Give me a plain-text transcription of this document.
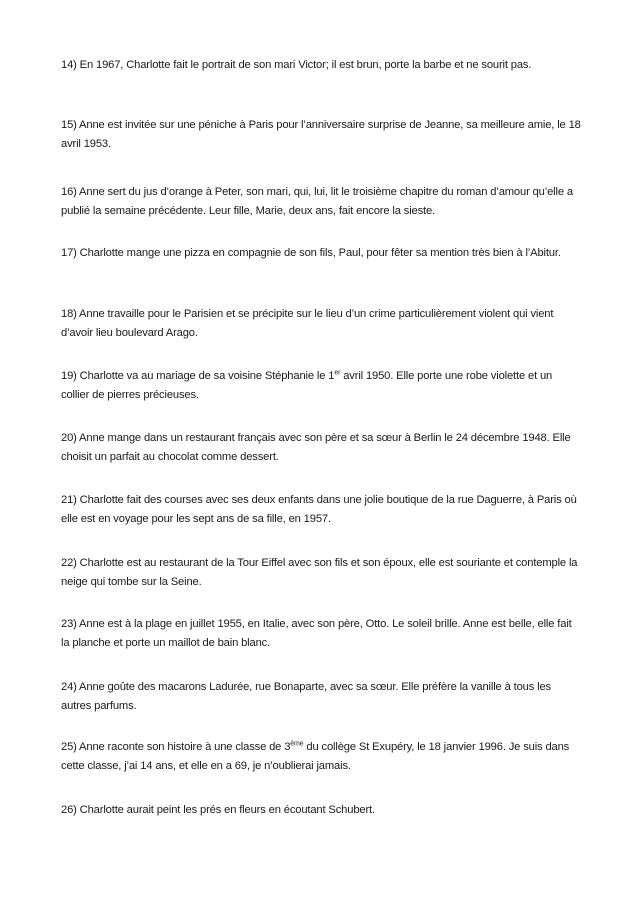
14) En 1967, Charlotte fait le portrait de son mari Victor; il est brun, porte la barbe et ne sourit pas.

15) Anne est invitée sur une péniche à Paris pour l’anniversaire surprise de Jeanne, sa meilleure amie, le 18 avril 1953.

16) Anne sert du jus d’orange à Peter, son mari, qui, lui, lit le troisième chapitre du roman d’amour qu’elle a publié la semaine précédente. Leur fille, Marie, deux ans, fait encore la sieste.

17) Charlotte mange une pizza en compagnie de son fils, Paul, pour fêter sa mention très bien à l’Abitur.

18) Anne travaille pour le Parisien et se précipite sur le lieu d’un crime particulièrement violent qui vient d’avoir lieu boulevard Arago.

19) Charlotte va au mariage de sa voisine Stéphanie le 1er avril 1950. Elle porte une robe violette et un collier de pierres précieuses.

20) Anne mange dans un restaurant français avec son père et sa sœur à Berlin le 24 décembre 1948. Elle choisit un parfait au chocolat comme dessert.

21) Charlotte fait des courses avec ses deux enfants dans une jolie boutique de la rue Daguerre, à Paris où elle est en voyage pour les sept ans de sa fille, en 1957.

22) Charlotte est au restaurant de la Tour Eiffel avec son fils et son époux, elle est souriante et contemple la neige qui tombe sur la Seine.

23) Anne est à la plage en juillet 1955, en Italie, avec son père, Otto. Le soleil brille. Anne est belle, elle fait la planche et porte un maillot de bain blanc.

24) Anne goûte des macarons Ladurée, rue Bonaparte, avec sa sœur. Elle préfère la vanille à tous les autres parfums.

25) Anne raconte son histoire à une classe de 3ème du collège St Exupéry, le 18 janvier 1996. Je suis dans cette classe, j’ai 14 ans, et elle en a 69, je n’oublierai jamais.

26) Charlotte aurait peint les prés en fleurs en écoutant Schubert.
